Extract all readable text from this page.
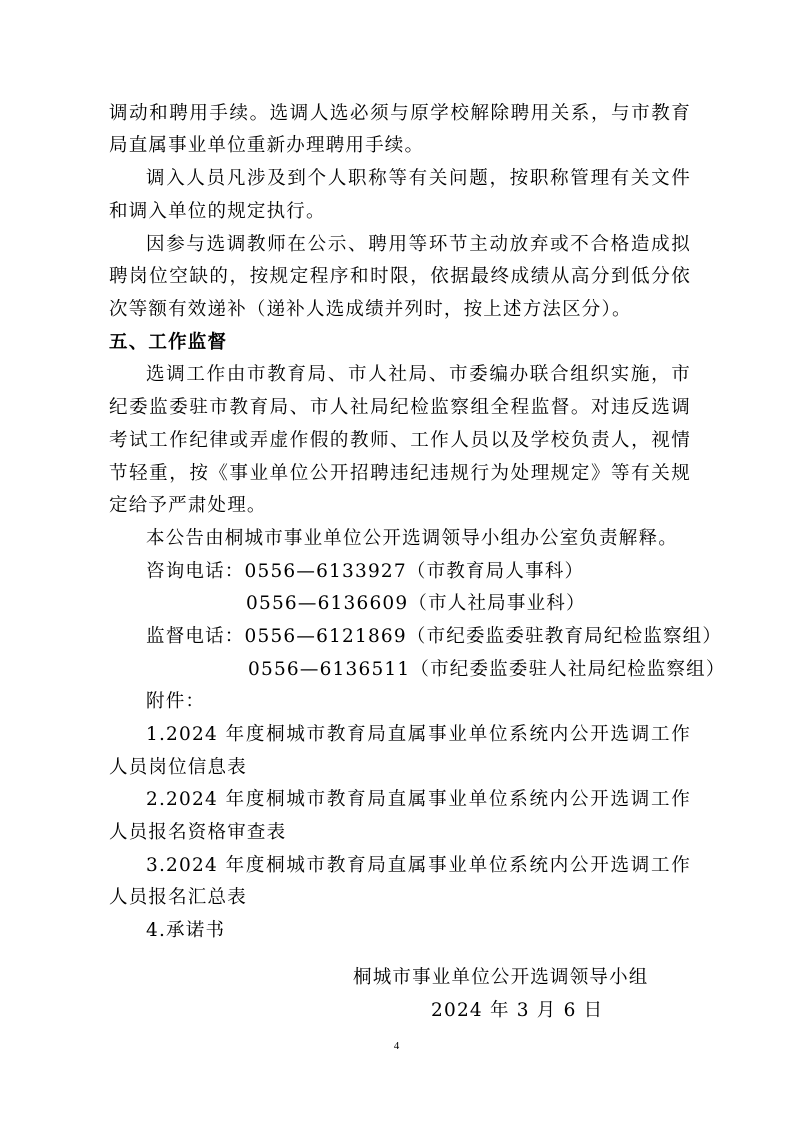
调动和聘用手续。选调人选必须与原学校解除聘用关系，与市教育

局直属事业单位重新办理聘用手续。

调入人员凡涉及到个人职称等有关问题，按职称管理有关文件

和调入单位的规定执行。

因参与选调教师在公示、聘用等环节主动放弃或不合格造成拟

聘岗位空缺的，按规定程序和时限，依据最终成绩从高分到低分依

次等额有效递补（递补人选成绩并列时，按上述方法区分）。

五、工作监督

选调工作由市教育局、市人社局、市委编办联合组织实施，市

纪委监委驻市教育局、市人社局纪检监察组全程监督。对违反选调

考试工作纪律或弄虚作假的教师、工作人员以及学校负责人，视情

节轻重，按《事业单位公开招聘违纪违规行为处理规定》等有关规

定给予严肃处理。

本公告由桐城市事业单位公开选调领导小组办公室负责解释。

咨询电话：0556—6133927（市教育局人事科）

0556—6136609（市人社局事业科）

监督电话：0556—6121869（市纪委监委驻教育局纪检监察组）

0556—6136511（市纪委监委驻人社局纪检监察组）

附件：

1.2024 年度桐城市教育局直属事业单位系统内公开选调工作

人员岗位信息表

2.2024 年度桐城市教育局直属事业单位系统内公开选调工作

人员报名资格审查表

3.2024 年度桐城市教育局直属事业单位系统内公开选调工作

人员报名汇总表

4.承诺书

桐城市事业单位公开选调领导小组

2024 年 3 月 6 日

4
